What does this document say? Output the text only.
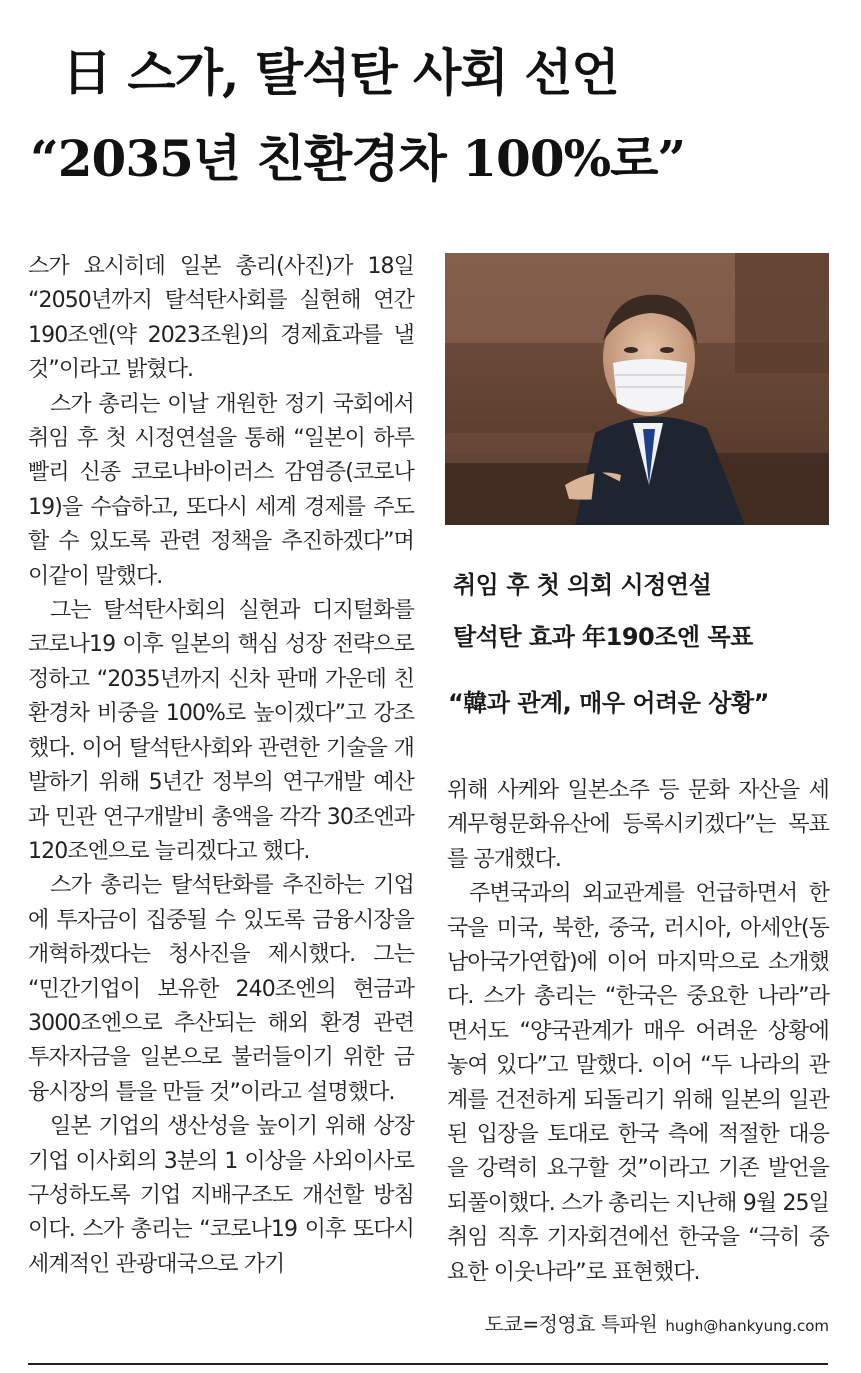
日 스가, 탈석탄 사회 선언
“2035년 친환경차 100%로”

스가 요시히데 일본 총리(사진)가 18일 “2050년까지 탈석탄사회를 실현해 연간 190조엔(약 2023조원)의 경제효과를 낼 것”이라고 밝혔다.

스가 총리는 이날 개원한 정기 국회에서 취임 후 첫 시정연설을 통해 “일본이 하루빨리 신종 코로나바이러스 감염증(코로나19)을 수습하고, 또다시 세계 경제를 주도할 수 있도록 관련 정책을 추진하겠다”며 이같이 말했다.

그는 탈석탄사회의 실현과 디지털화를 코로나19 이후 일본의 핵심 성장 전략으로 정하고 “2035년까지 신차 판매 가운데 친환경차 비중을 100%로 높이겠다”고 강조했다. 이어 탈석탄사회와 관련한 기술을 개발하기 위해 5년간 정부의 연구개발 예산과 민관 연구개발비 총액을 각각 30조엔과 120조엔으로 늘리겠다고 했다.

스가 총리는 탈석탄화를 추진하는 기업에 투자금이 집중될 수 있도록 금융시장을 개혁하겠다는 청사진을 제시했다. 그는 “민간기업이 보유한 240조엔의 현금과 3000조엔으로 추산되는 해외 환경 관련 투자자금을 일본으로 불러들이기 위한 금융시장의 틀을 만들 것”이라고 설명했다.

일본 기업의 생산성을 높이기 위해 상장기업 이사회의 3분의 1 이상을 사외이사로 구성하도록 기업 지배구조도 개선할 방침이다. 스가 총리는 “코로나19 이후 또다시 세계적인 관광대국으로 가기

취임 후 첫 의회 시정연설

탈석탄 효과 年190조엔 목표

“韓과 관계, 매우 어려운 상황”

위해 사케와 일본소주 등 문화 자산을 세계무형문화유산에 등록시키겠다”는 목표를 공개했다.

주변국과의 외교관계를 언급하면서 한국을 미국, 북한, 중국, 러시아, 아세안(동남아국가연합)에 이어 마지막으로 소개했다. 스가 총리는 “한국은 중요한 나라”라면서도 “양국관계가 매우 어려운 상황에 놓여 있다”고 말했다. 이어 “두 나라의 관계를 건전하게 되돌리기 위해 일본의 일관된 입장을 토대로 한국 측에 적절한 대응을 강력히 요구할 것”이라고 기존 발언을 되풀이했다. 스가 총리는 지난해 9월 25일 취임 직후 기자회견에선 한국을 “극히 중요한 이웃나라”로 표현했다.

도쿄=정영효 특파원 hugh@hankyung.com
